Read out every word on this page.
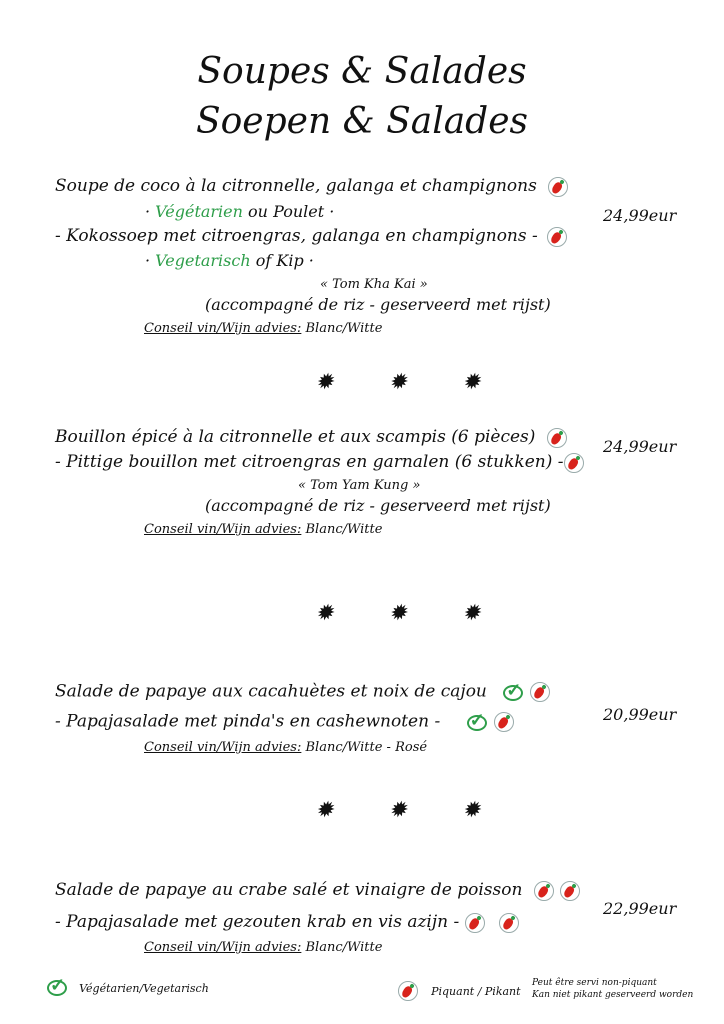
Soupes & Salades
Soepen & Salades
Soupe de coco à la citronnelle, galanga et champignons
· Végétarien ou Poulet ·
- Kokossoep met citroengras, galanga en champignons -
· Vegetarisch of Kip ·
« Tom Kha Kai »
(accompagné de riz - geserveerd met rijst)
Conseil vin/Wijn advies: Blanc/Witte
24,99eur
✹ ✹ ✹
Bouillon épicé à la citronnelle et aux scampis (6 pièces)
- Pittige bouillon met citroengras en garnalen (6 stukken) -
« Tom Yam Kung »
(accompagné de riz - geserveerd met rijst)
Conseil vin/Wijn advies: Blanc/Witte
24,99eur
✹ ✹ ✹
Salade de papaye aux cacahuètes et noix de cajou ✓
- Papajasalade met pinda's en cashewnoten - ✓
Conseil vin/Wijn advies: Blanc/Witte - Rosé
20,99eur
✹ ✹ ✹
Salade de papaye au crabe salé et vinaigre de poisson
- Papajasalade met gezouten krab en vis azijn -
Conseil vin/Wijn advies: Blanc/Witte
22,99eur
✓ Végétarien/Vegetarisch	Piquant / Pikant
Peut être servi non-piquant
Kan niet pikant geserveerd worden
